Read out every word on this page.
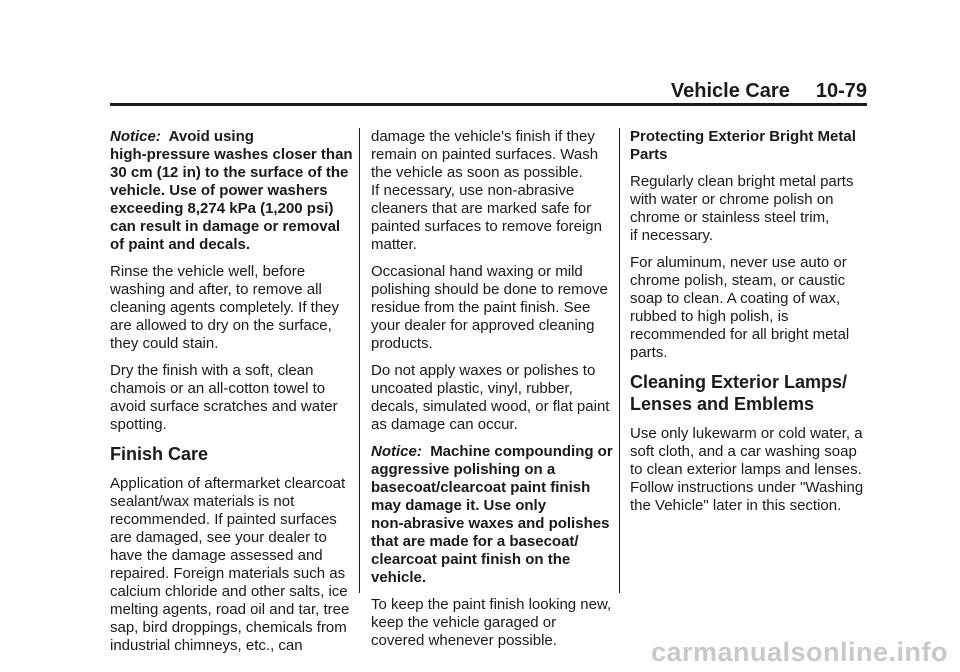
Vehicle Care 10-79

Notice: Avoid using
high-pressure washes closer than
30 cm (12 in) to the surface of the
vehicle. Use of power washers
exceeding 8,274 kPa (1,200 psi)
can result in damage or removal
of paint and decals.

Rinse the vehicle well, before
washing and after, to remove all
cleaning agents completely. If they
are allowed to dry on the surface,
they could stain.

Dry the finish with a soft, clean
chamois or an all-cotton towel to
avoid surface scratches and water
spotting.

Finish Care

Application of aftermarket clearcoat
sealant/wax materials is not
recommended. If painted surfaces
are damaged, see your dealer to
have the damage assessed and
repaired. Foreign materials such as
calcium chloride and other salts, ice
melting agents, road oil and tar, tree
sap, bird droppings, chemicals from
industrial chimneys, etc., can

damage the vehicle's finish if they
remain on painted surfaces. Wash
the vehicle as soon as possible.
If necessary, use non-abrasive
cleaners that are marked safe for
painted surfaces to remove foreign
matter.

Occasional hand waxing or mild
polishing should be done to remove
residue from the paint finish. See
your dealer for approved cleaning
products.

Do not apply waxes or polishes to
uncoated plastic, vinyl, rubber,
decals, simulated wood, or flat paint
as damage can occur.

Notice: Machine compounding or
aggressive polishing on a
basecoat/clearcoat paint finish
may damage it. Use only
non-abrasive waxes and polishes
that are made for a basecoat/
clearcoat paint finish on the
vehicle.

To keep the paint finish looking new,
keep the vehicle garaged or
covered whenever possible.

Protecting Exterior Bright Metal
Parts

Regularly clean bright metal parts
with water or chrome polish on
chrome or stainless steel trim,
if necessary.

For aluminum, never use auto or
chrome polish, steam, or caustic
soap to clean. A coating of wax,
rubbed to high polish, is
recommended for all bright metal
parts.

Cleaning Exterior Lamps/
Lenses and Emblems

Use only lukewarm or cold water, a
soft cloth, and a car washing soap
to clean exterior lamps and lenses.
Follow instructions under "Washing
the Vehicle" later in this section.

carmanualsonline.info
